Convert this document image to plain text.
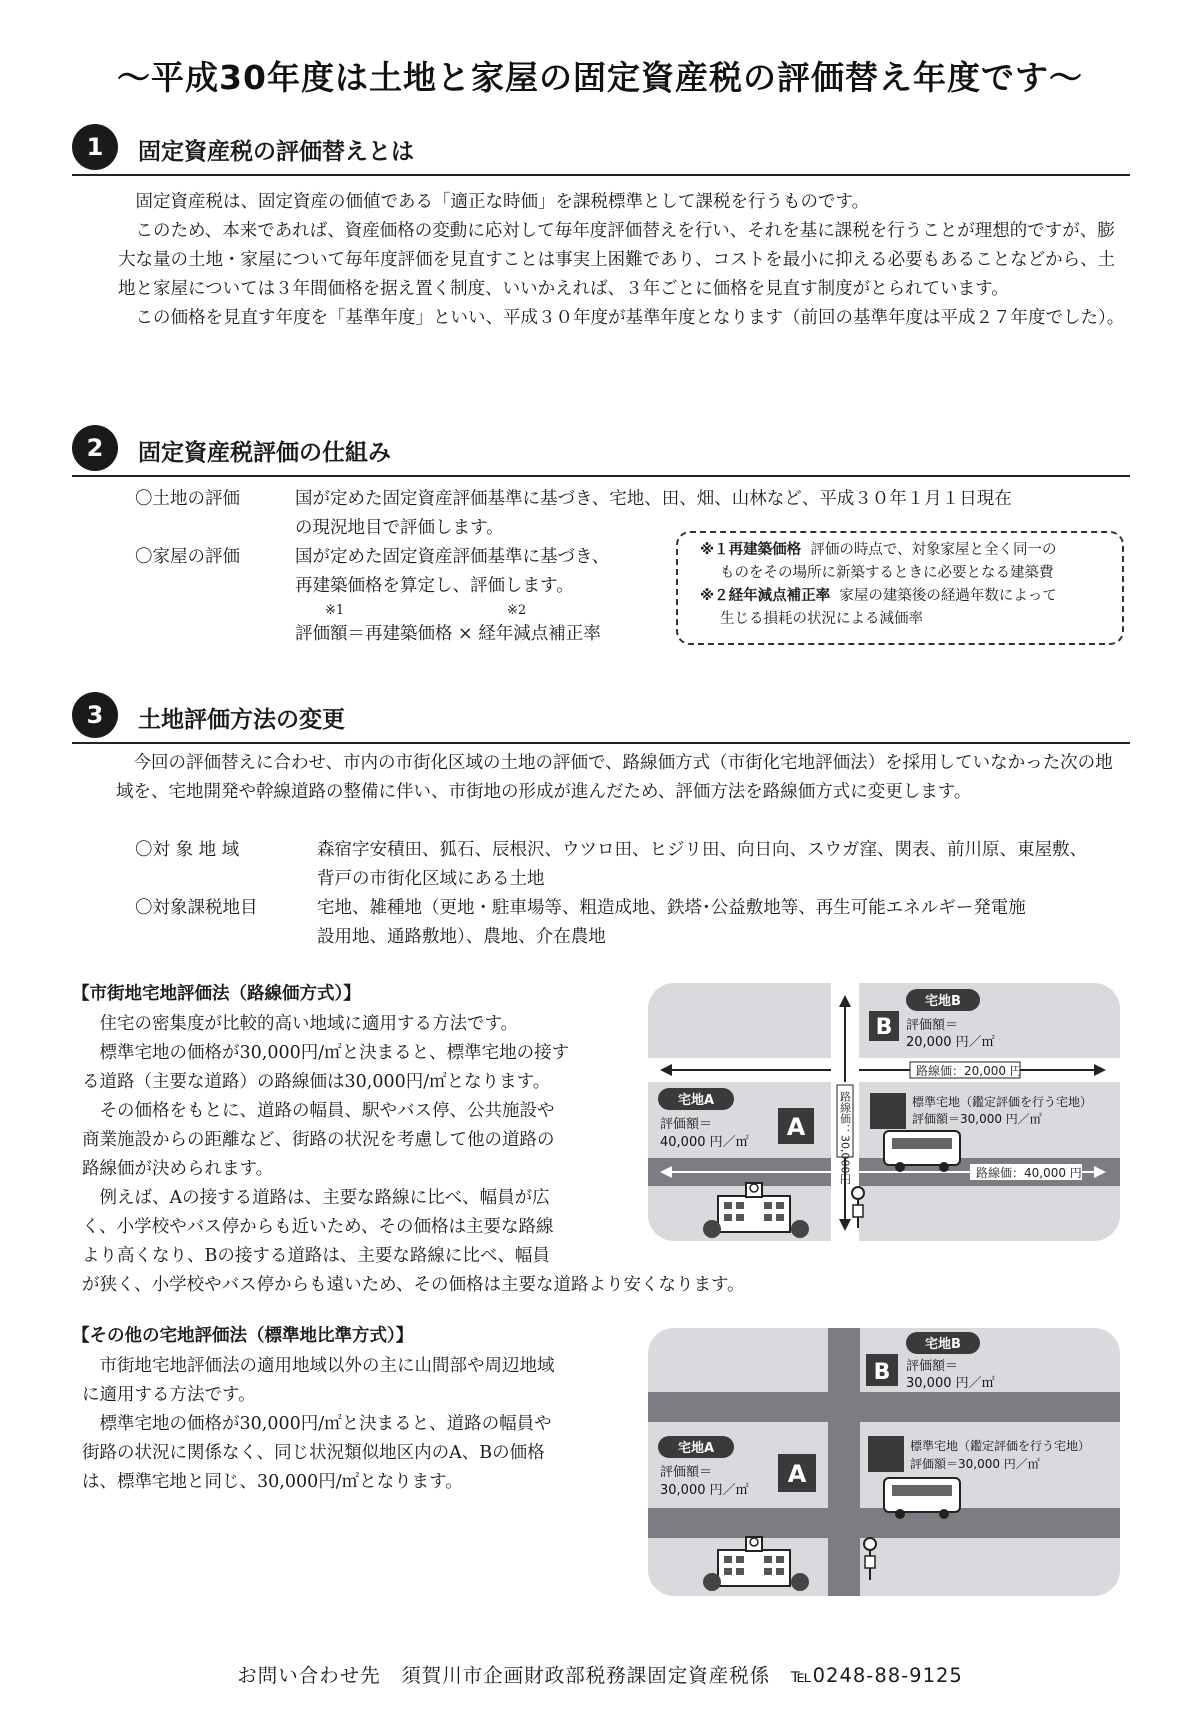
～平成30年度は土地と家屋の固定資産税の評価替え年度です～
1	固定資産税の評価替えとは

固定資産税は、固定資産の価値である「適正な時価」を課税標準として課税を行うものです。

このため、本来であれば、資産価格の変動に応対して毎年度評価替えを行い、それを基に課税を行うことが理想的ですが、膨大な量の土地・家屋について毎年度評価を見直すことは事実上困難であり、コストを最小に抑える必要もあることなどから、土地と家屋については３年間価格を据え置く制度、いいかえれば、３年ごとに価格を見直す制度がとられています。

この価格を見直す年度を「基準年度」といい、平成３０年度が基準年度となります（前回の基準年度は平成２７年度でした）。

2	固定資産税評価の仕組み
〇土地の評価	国が定めた固定資産評価基準に基づき、宅地、田、畑、山林など、平成３０年１月１日現在
の現況地目で評価します。
〇家屋の評価	国が定めた固定資産評価基準に基づき、
再建築価格を算定し、評価します。
※1	※2
評価額＝再建築価格 × 経年減点補正率
※１再建築価格 評価の時点で、対象家屋と全く同一の
ものをその場所に新築するときに必要となる建築費
※２経年減点補正率 家屋の建築後の経過年数によって
生じる損耗の状況による減価率
3	土地評価方法の変更

今回の評価替えに合わせ、市内の市街化区域の土地の評価で、路線価方式（市街化宅地評価法）を採用していなかった次の地域を、宅地開発や幹線道路の整備に伴い、市街地の形成が進んだため、評価方法を路線価方式に変更します。

〇対 象 地 域	森宿字安積田、狐石、辰根沢、ウツロ田、ヒジリ田、向日向、スウガ窪、関表、前川原、東屋敷、
背戸の市街化区域にある土地
〇対象課税地目	宅地、雑種地（更地・駐車場等、粗造成地、鉄塔･公益敷地等、再生可能エネルギー発電施
設用地、通路敷地）、農地、介在農地
【市街地宅地評価法（路線価方式）】
住宅の密集度が比較的高い地域に適用する方法です。
標準宅地の価格が30,000円/㎡と決まると、標準宅地の接す
る道路（主要な道路）の路線価は30,000円/㎡となります。
その価格をもとに、道路の幅員、駅やバス停、公共施設や
商業施設からの距離など、街路の状況を考慮して他の道路の
路線価が決められます。
例えば、Aの接する道路は、主要な路線に比べ、幅員が広
く、小学校やバス停からも近いため、その価格は主要な路線
より高くなり、Bの接する道路は、主要な路線に比べ、幅員
が狭く、小学校やバス停からも遠いため、その価格は主要な道路より安くなります。
路線価：30,000円
路線価：20,000 円
路線価：40,000 円
B
宅地B
評価額＝
20,000 円／㎡
A
宅地A
評価額＝
40,000 円／㎡
標準宅地（鑑定評価を行う宅地）
評価額＝30,000 円／㎡
【その他の宅地評価法（標準地比準方式）】
市街地宅地評価法の適用地域以外の主に山間部や周辺地域
に適用する方法です。
標準宅地の価格が30,000円/㎡と決まると、道路の幅員や
街路の状況に関係なく、同じ状況類似地区内のA、Bの価格
は、標準宅地と同じ、30,000円/㎡となります。
B
宅地B
評価額＝
30,000 円／㎡
A
宅地A
評価額＝
30,000 円／㎡
標準宅地（鑑定評価を行う宅地）
評価額＝30,000 円／㎡
お問い合わせ先　須賀川市企画財政部税務課固定資産税係　℡0248-88-9125
